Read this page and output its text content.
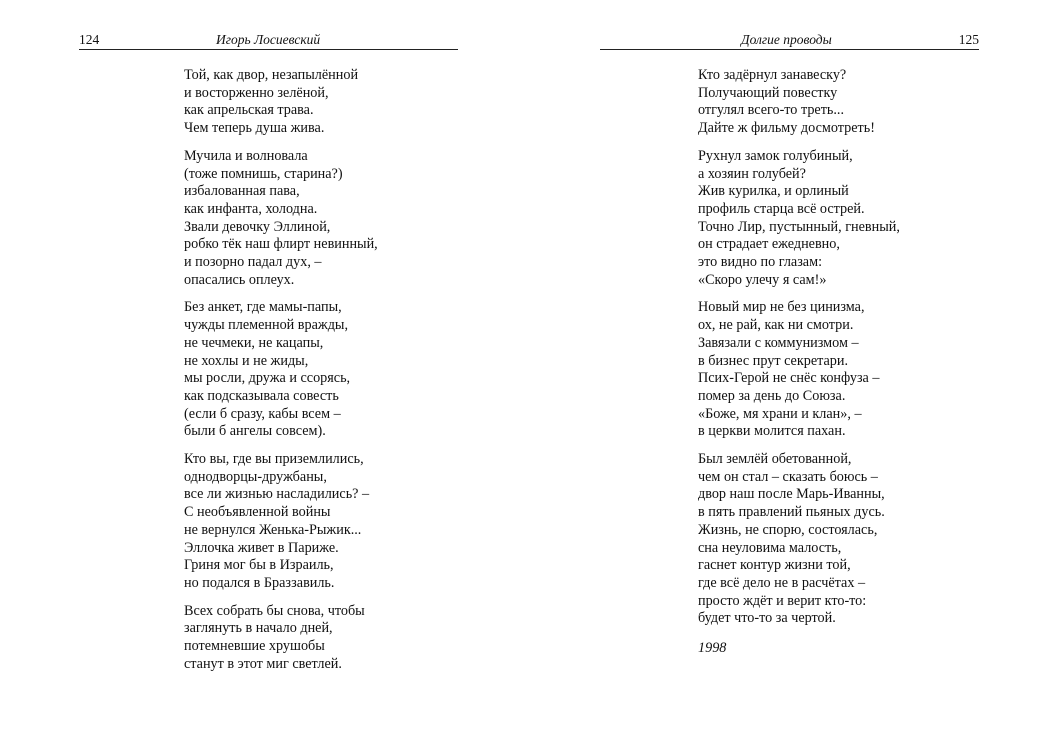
124	Игорь Лосиевский
Той, как двор, незапылённой
и восторженно зелёной,
как апрельская трава.
Чем теперь душа жива.
Мучила и волновала
(тоже помнишь, старина?)
избалованная пава,
как инфанта, холодна.
Звали девочку Эллиной,
робко тёк наш флирт невинный,
и позорно падал дух, –
опасались оплеух.
Без анкет, где мамы-папы,
чужды племенной вражды,
не чечмеки, не кацапы,
не хохлы и не жиды,
мы росли, дружа и ссорясь,
как подсказывала совесть
(если б сразу, кабы всем –
были б ангелы совсем).
Кто вы, где вы приземлились,
однодворцы-дружбаны,
все ли жизнью насладились? –
С необъявленной войны
не вернулся Женька-Рыжик...
Эллочка живет в Париже.
Гриня мог бы в Израиль,
но подался в Браззавиль.
Всех собрать бы снова, чтобы
заглянуть в начало дней,
потемневшие хрушобы
станут в этот миг светлей.
Долгие проводы	125
Кто задёрнул занавеску?
Получающий повестку
отгулял всего-то треть...
Дайте ж фильму досмотреть!
Рухнул замок голубиный,
а хозяин голубей?
Жив курилка, и орлиный
профиль старца всё острей.
Точно Лир, пустынный, гневный,
он страдает ежедневно,
это видно по глазам:
«Скоро улечу я сам!»
Новый мир не без цинизма,
ох, не рай, как ни смотри.
Завязали с коммунизмом –
в бизнес прут секретари.
Псих-Герой не снёс конфуза –
помер за день до Союза.
«Боже, мя храни и клан», –
в церкви молится пахан.
Был землёй обетованной,
чем он стал – сказать боюсь –
двор наш после Марь-Иванны,
в пять правлений пьяных дусь.
Жизнь, не спорю, состоялась,
сна неуловима малость,
гаснет контур жизни той,
где всё дело не в расчётах –
просто ждёт и верит кто-то:
будет что-то за чертой.
1998
